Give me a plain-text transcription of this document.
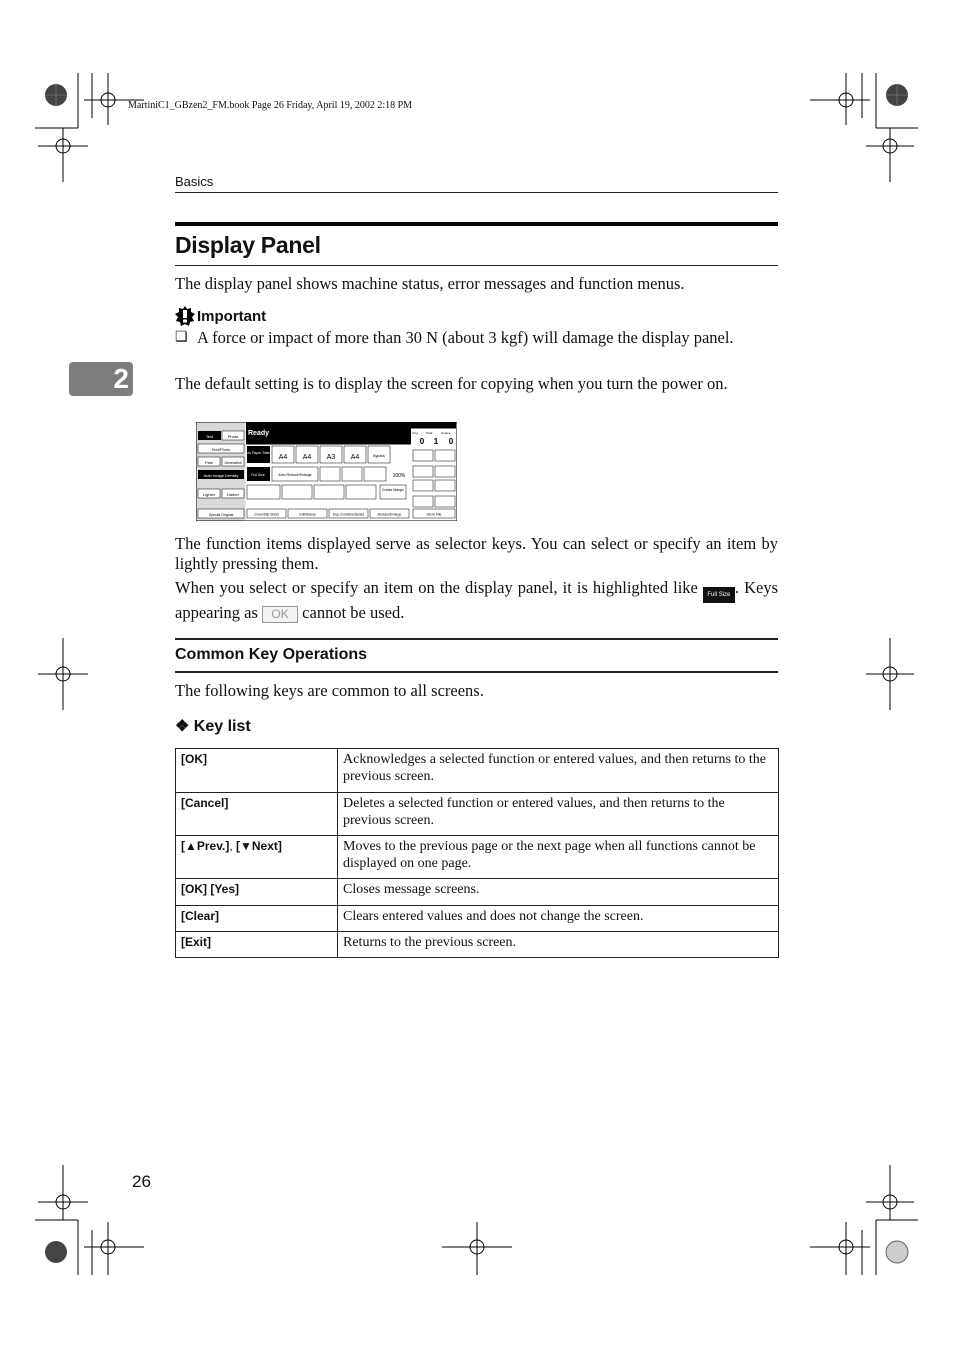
MartiniC1_GBzen2_FM.book Page 26 Friday, April 19, 2002 2:18 PM
Basics
2
Display Panel
The display panel shows machine status, error messages and function menus.
Important
❏ A force or impact of more than 30 N (about 3 kgf) will damage the display panel.
The default setting is to display the screen for copying when you turn the power on.
Text	Photo
Text/Photo
Pale	Generation
Auto Image Density
Lighter	Darker
Special Original
Ready
Auto Paper Select
A4 A4 A3 A4	Bypass
Full Size	Auto Reduce/Enlarge	100%
Create Margin
Cover/Slip Sheet	Edit/Stamp	Dup./Combine/Series	Reduce/Enlarge	Store File
Orig. Total	Copies
0 1 0
The function items displayed serve as selector keys. You can select or specify an item by lightly pressing them.
When you select or specify an item on the display panel, it is highlighted like Full Size . Keys appearing as OK cannot be used.
Common Key Operations
The following keys are common to all screens.
❖ Key list
[OK]	Acknowledges a selected function or entered values, and then returns to the previous screen.
[Cancel]	Deletes a selected function or entered values, and then returns to the previous screen.
[▲Prev.], [▼Next]	Moves to the previous page or the next page when all functions cannot be displayed on one page.
[OK] [Yes]	Closes message screens.
[Clear]	Clears entered values and does not change the screen.
[Exit]	Returns to the previous screen.
26
